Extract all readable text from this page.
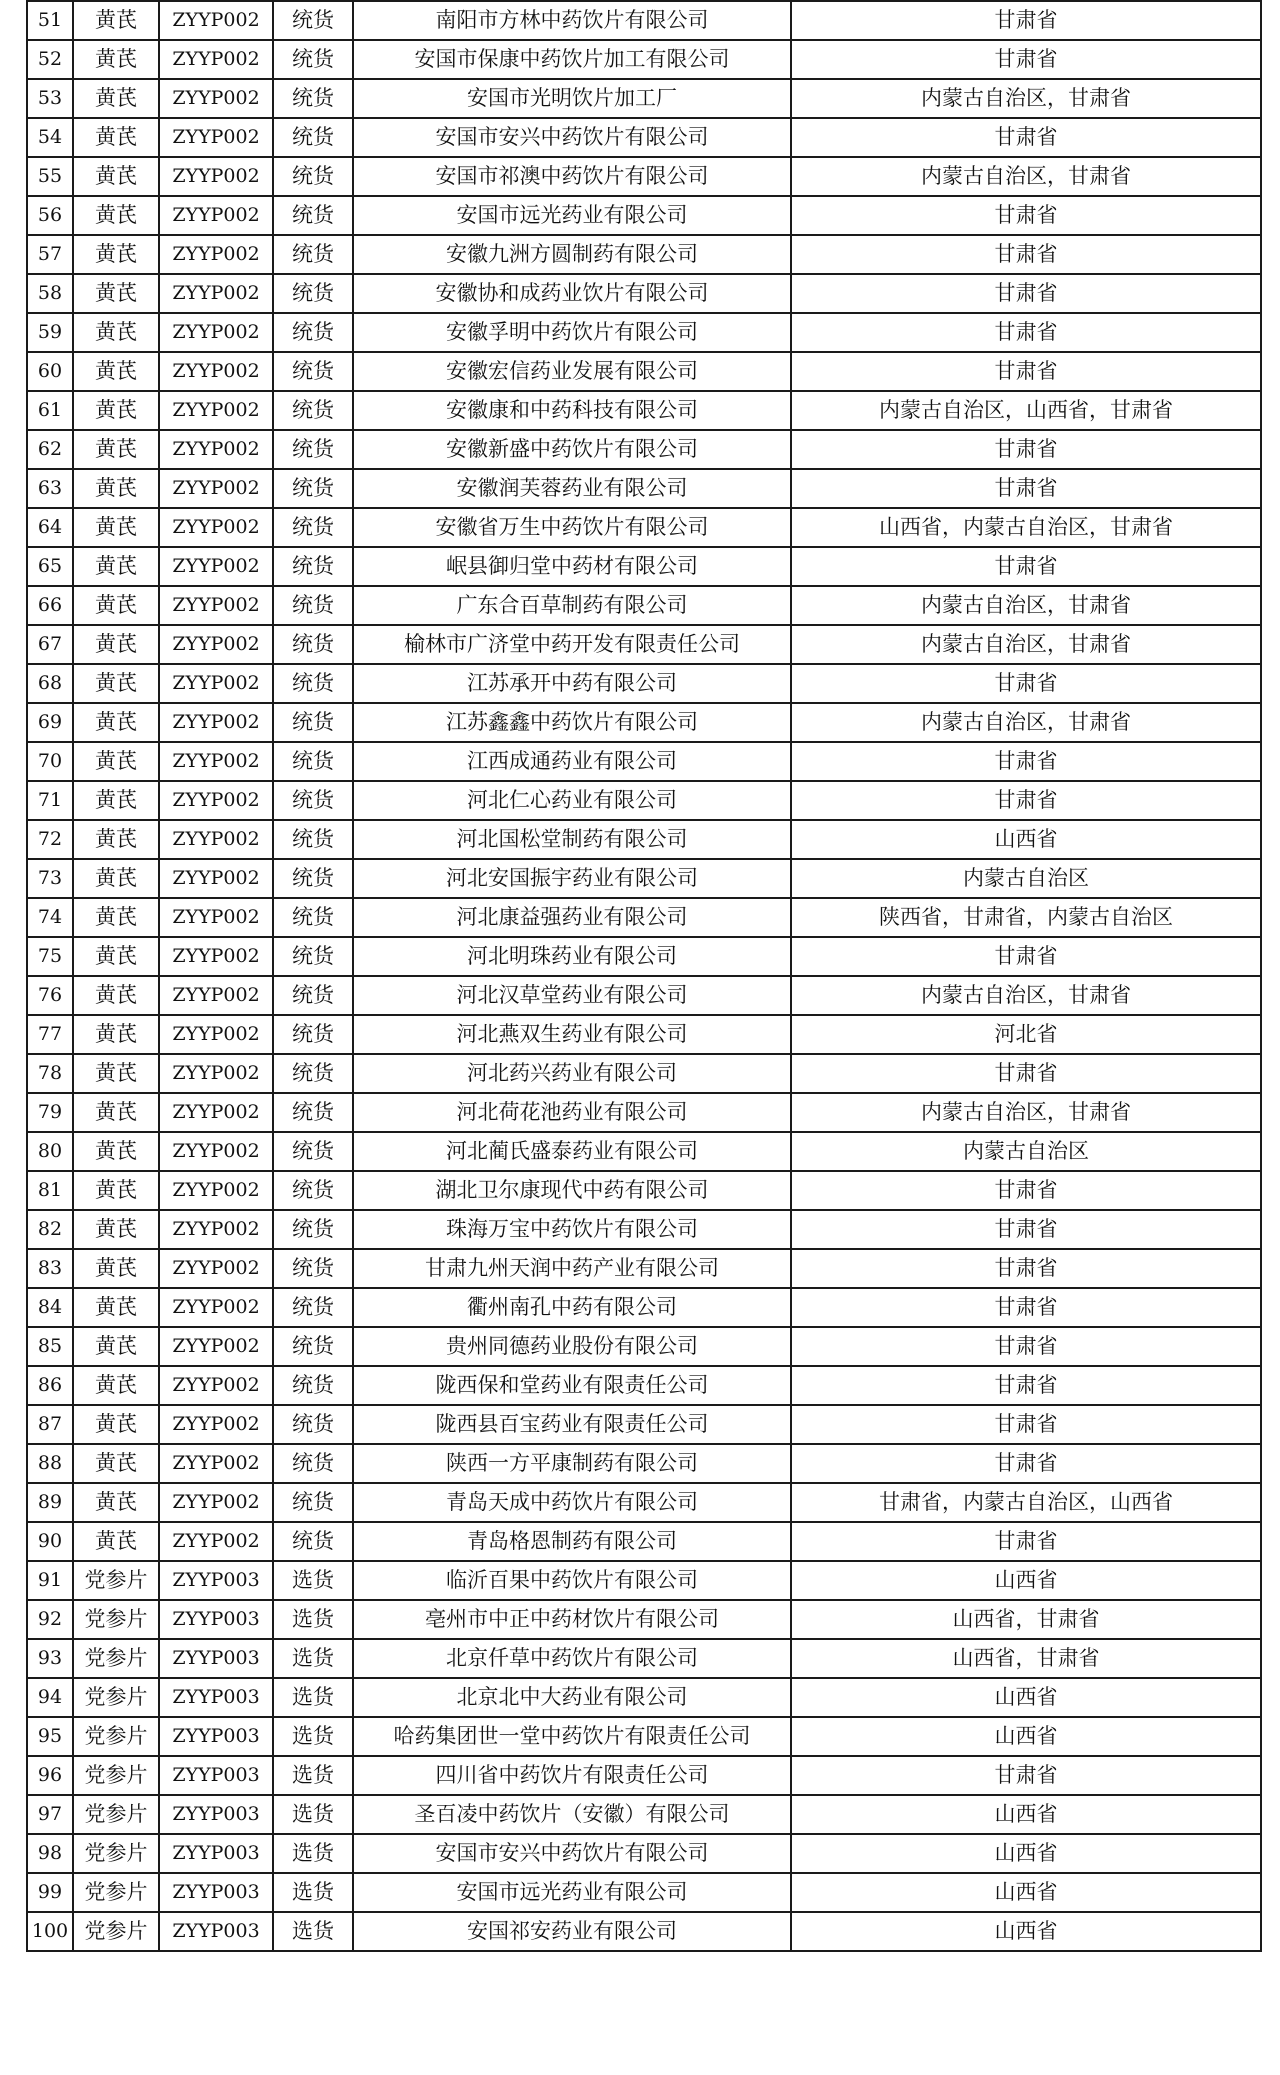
51	黄芪	ZYYP002	统货	南阳市方林中药饮片有限公司	甘肃省
52	黄芪	ZYYP002	统货	安国市保康中药饮片加工有限公司	甘肃省
53	黄芪	ZYYP002	统货	安国市光明饮片加工厂	内蒙古自治区，甘肃省
54	黄芪	ZYYP002	统货	安国市安兴中药饮片有限公司	甘肃省
55	黄芪	ZYYP002	统货	安国市祁澳中药饮片有限公司	内蒙古自治区，甘肃省
56	黄芪	ZYYP002	统货	安国市远光药业有限公司	甘肃省
57	黄芪	ZYYP002	统货	安徽九洲方圆制药有限公司	甘肃省
58	黄芪	ZYYP002	统货	安徽协和成药业饮片有限公司	甘肃省
59	黄芪	ZYYP002	统货	安徽孚明中药饮片有限公司	甘肃省
60	黄芪	ZYYP002	统货	安徽宏信药业发展有限公司	甘肃省
61	黄芪	ZYYP002	统货	安徽康和中药科技有限公司	内蒙古自治区，山西省，甘肃省
62	黄芪	ZYYP002	统货	安徽新盛中药饮片有限公司	甘肃省
63	黄芪	ZYYP002	统货	安徽润芙蓉药业有限公司	甘肃省
64	黄芪	ZYYP002	统货	安徽省万生中药饮片有限公司	山西省，内蒙古自治区，甘肃省
65	黄芪	ZYYP002	统货	岷县御归堂中药材有限公司	甘肃省
66	黄芪	ZYYP002	统货	广东合百草制药有限公司	内蒙古自治区，甘肃省
67	黄芪	ZYYP002	统货	榆林市广济堂中药开发有限责任公司	内蒙古自治区，甘肃省
68	黄芪	ZYYP002	统货	江苏承开中药有限公司	甘肃省
69	黄芪	ZYYP002	统货	江苏鑫鑫中药饮片有限公司	内蒙古自治区，甘肃省
70	黄芪	ZYYP002	统货	江西成通药业有限公司	甘肃省
71	黄芪	ZYYP002	统货	河北仁心药业有限公司	甘肃省
72	黄芪	ZYYP002	统货	河北国松堂制药有限公司	山西省
73	黄芪	ZYYP002	统货	河北安国振宇药业有限公司	内蒙古自治区
74	黄芪	ZYYP002	统货	河北康益强药业有限公司	陕西省，甘肃省，内蒙古自治区
75	黄芪	ZYYP002	统货	河北明珠药业有限公司	甘肃省
76	黄芪	ZYYP002	统货	河北汉草堂药业有限公司	内蒙古自治区，甘肃省
77	黄芪	ZYYP002	统货	河北燕双生药业有限公司	河北省
78	黄芪	ZYYP002	统货	河北药兴药业有限公司	甘肃省
79	黄芪	ZYYP002	统货	河北荷花池药业有限公司	内蒙古自治区，甘肃省
80	黄芪	ZYYP002	统货	河北蔺氏盛泰药业有限公司	内蒙古自治区
81	黄芪	ZYYP002	统货	湖北卫尔康现代中药有限公司	甘肃省
82	黄芪	ZYYP002	统货	珠海万宝中药饮片有限公司	甘肃省
83	黄芪	ZYYP002	统货	甘肃九州天润中药产业有限公司	甘肃省
84	黄芪	ZYYP002	统货	衢州南孔中药有限公司	甘肃省
85	黄芪	ZYYP002	统货	贵州同德药业股份有限公司	甘肃省
86	黄芪	ZYYP002	统货	陇西保和堂药业有限责任公司	甘肃省
87	黄芪	ZYYP002	统货	陇西县百宝药业有限责任公司	甘肃省
88	黄芪	ZYYP002	统货	陕西一方平康制药有限公司	甘肃省
89	黄芪	ZYYP002	统货	青岛天成中药饮片有限公司	甘肃省，内蒙古自治区，山西省
90	黄芪	ZYYP002	统货	青岛格恩制药有限公司	甘肃省
91	党参片	ZYYP003	选货	临沂百果中药饮片有限公司	山西省
92	党参片	ZYYP003	选货	亳州市中正中药材饮片有限公司	山西省，甘肃省
93	党参片	ZYYP003	选货	北京仟草中药饮片有限公司	山西省，甘肃省
94	党参片	ZYYP003	选货	北京北中大药业有限公司	山西省
95	党参片	ZYYP003	选货	哈药集团世一堂中药饮片有限责任公司	山西省
96	党参片	ZYYP003	选货	四川省中药饮片有限责任公司	甘肃省
97	党参片	ZYYP003	选货	圣百凌中药饮片（安徽）有限公司	山西省
98	党参片	ZYYP003	选货	安国市安兴中药饮片有限公司	山西省
99	党参片	ZYYP003	选货	安国市远光药业有限公司	山西省
100	党参片	ZYYP003	选货	安国祁安药业有限公司	山西省
